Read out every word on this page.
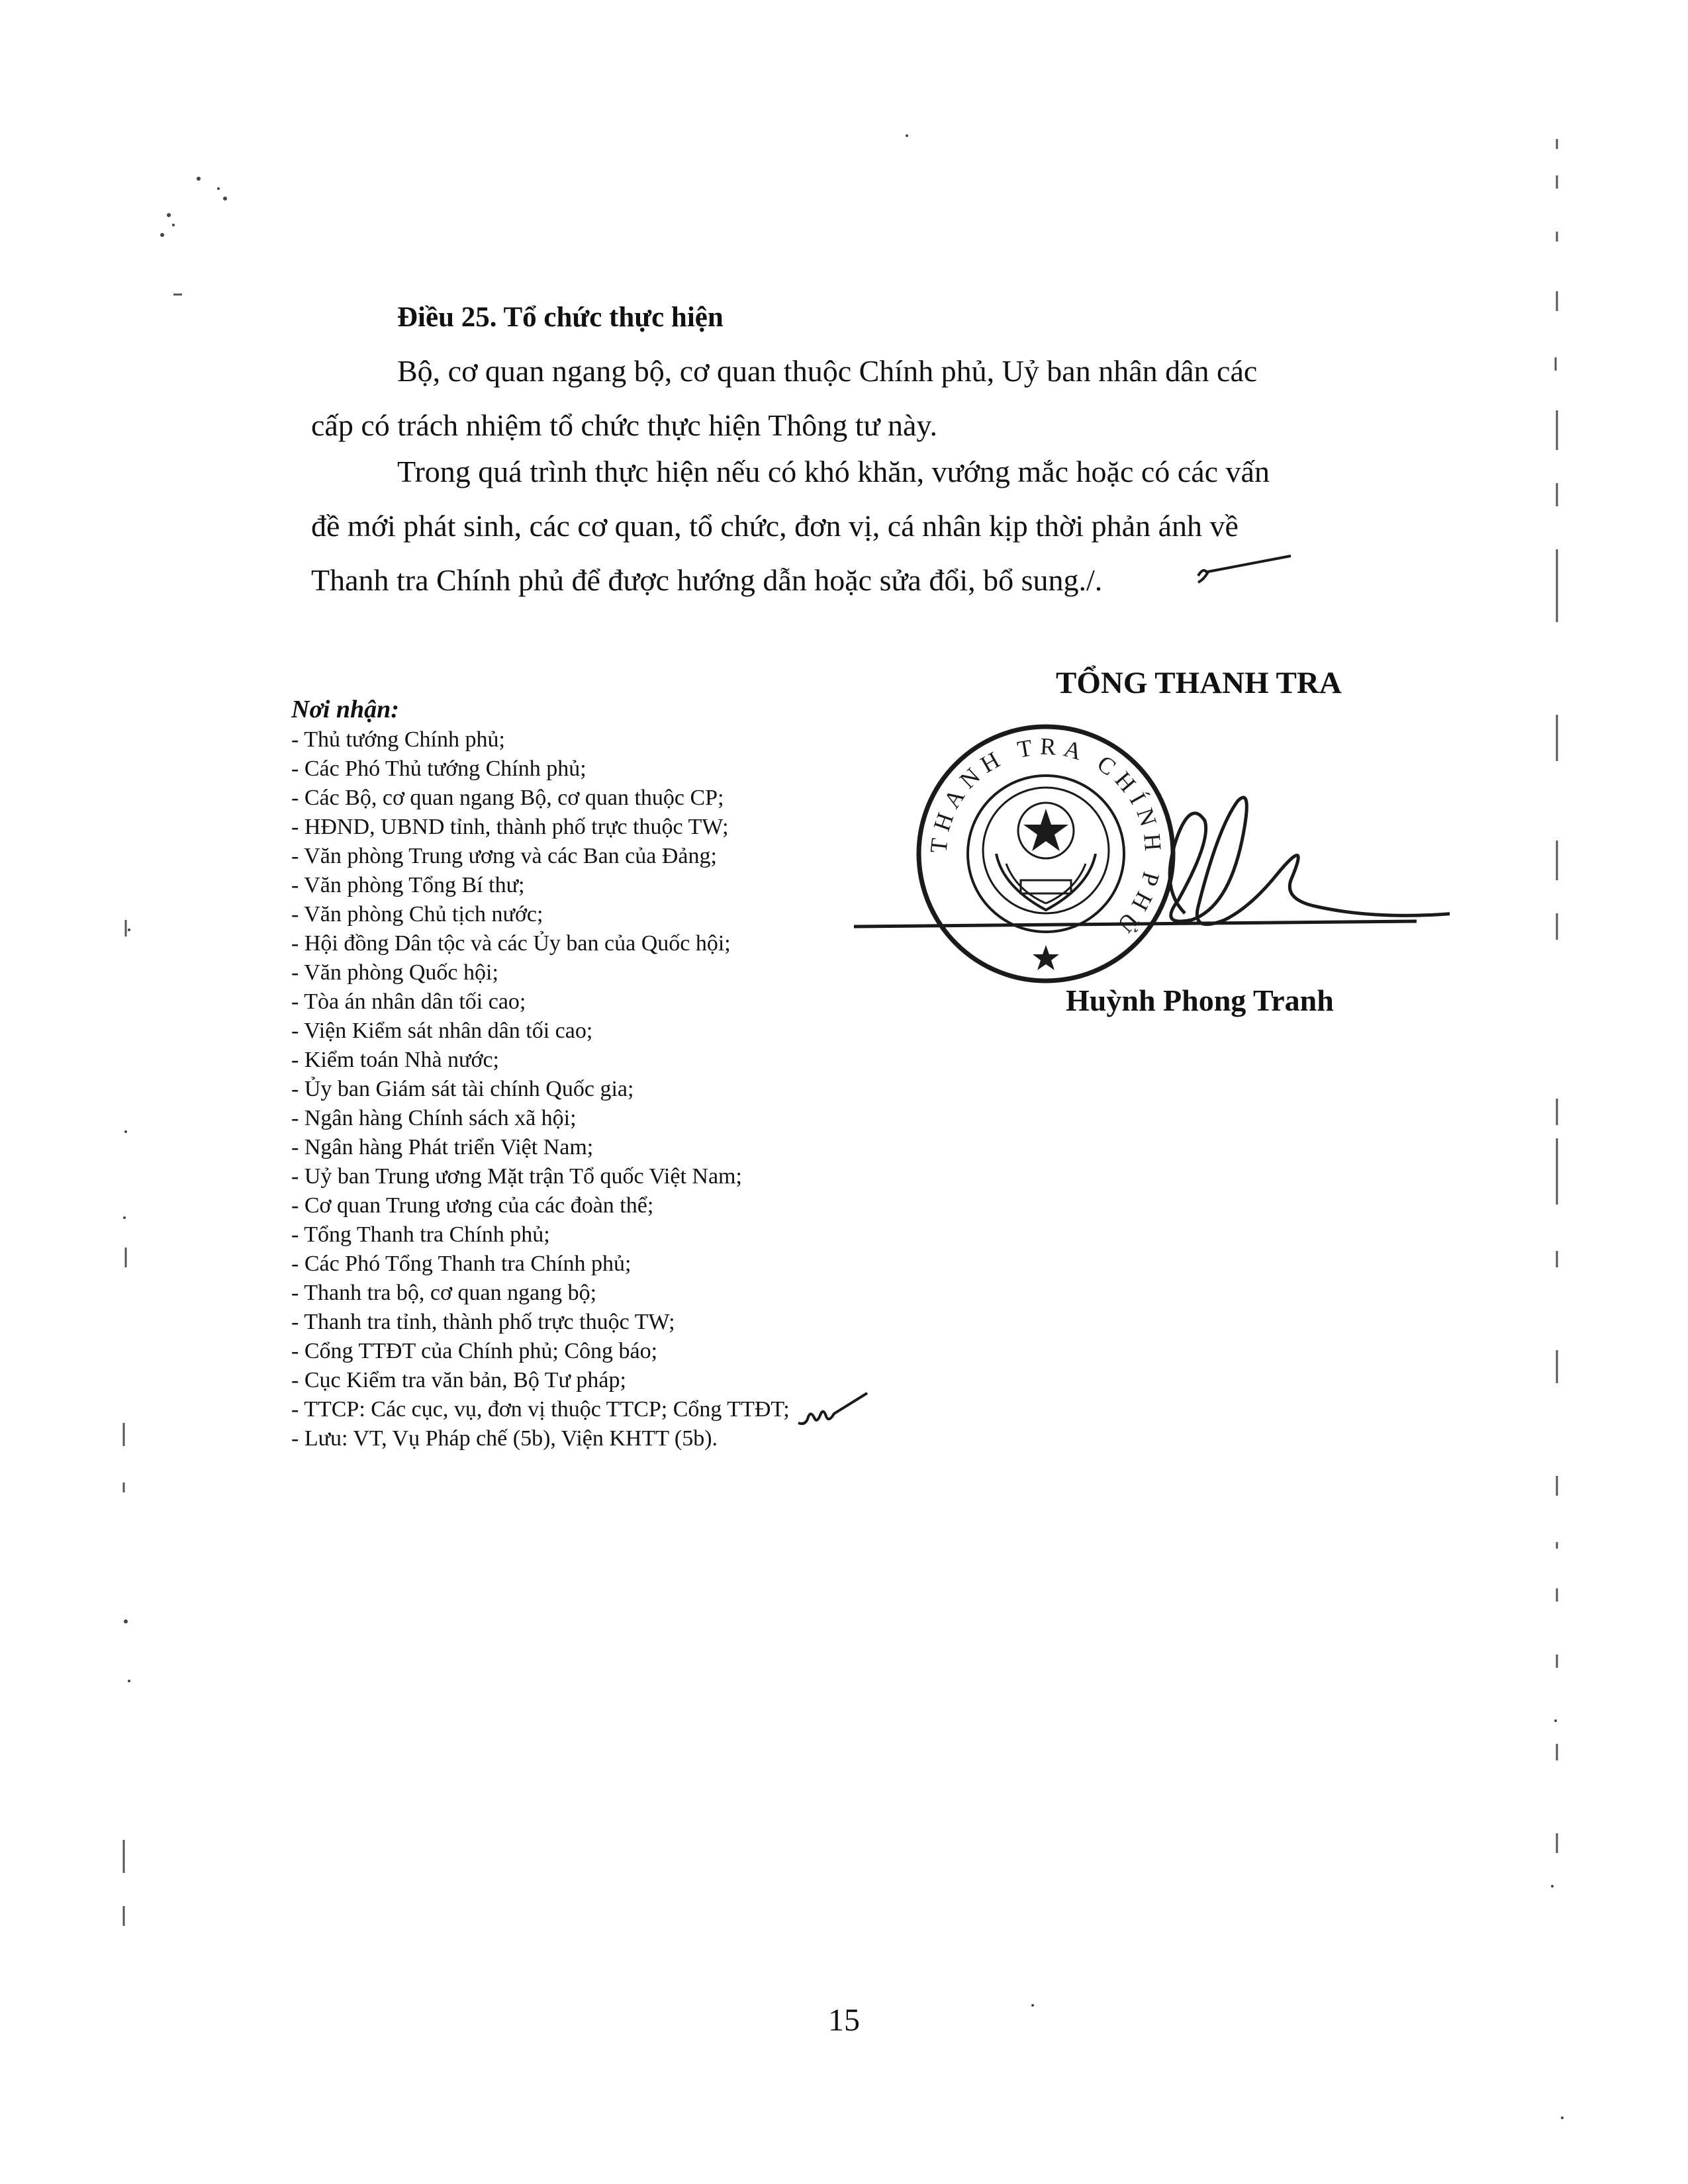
Điều 25. Tổ chức thực hiện
Bộ, cơ quan ngang bộ, cơ quan thuộc Chính phủ, Uỷ ban nhân dân các
cấp có trách nhiệm tổ chức thực hiện Thông tư này.
Trong quá trình thực hiện nếu có khó khăn, vướng mắc hoặc có các vấn
đề mới phát sinh, các cơ quan, tổ chức, đơn vị, cá nhân kịp thời phản ánh về
Thanh tra Chính phủ để được hướng dẫn hoặc sửa đổi, bổ sung./.
Nơi nhận:
- Thủ tướng Chính phủ;
- Các Phó Thủ tướng Chính phủ;
- Các Bộ, cơ quan ngang Bộ, cơ quan thuộc CP;
- HĐND, UBND tỉnh, thành phố trực thuộc TW;
- Văn phòng Trung ương và các Ban của Đảng;
- Văn phòng Tổng Bí thư;
- Văn phòng Chủ tịch nước;
- Hội đồng Dân tộc và các Ủy ban của Quốc hội;
- Văn phòng Quốc hội;
- Tòa án nhân dân tối cao;
- Viện Kiểm sát nhân dân tối cao;
- Kiểm toán Nhà nước;
- Ủy ban Giám sát tài chính Quốc gia;
- Ngân hàng Chính sách xã hội;
- Ngân hàng Phát triển Việt Nam;
- Uỷ ban Trung ương Mặt trận Tổ quốc Việt Nam;
- Cơ quan Trung ương của các đoàn thể;
- Tổng Thanh tra Chính phủ;
- Các Phó Tổng Thanh tra Chính phủ;
- Thanh tra bộ, cơ quan ngang bộ;
- Thanh tra tỉnh, thành phố trực thuộc TW;
- Cổng TTĐT của Chính phủ; Công báo;
- Cục Kiểm tra văn bản, Bộ Tư pháp;
- TTCP: Các cục, vụ, đơn vị thuộc TTCP; Cổng TTĐT;
- Lưu: VT, Vụ Pháp chế (5b), Viện KHTT (5b).
TỔNG THANH TRA
THANH TRA CHÍNH PHỦ
Huỳnh Phong Tranh
15
